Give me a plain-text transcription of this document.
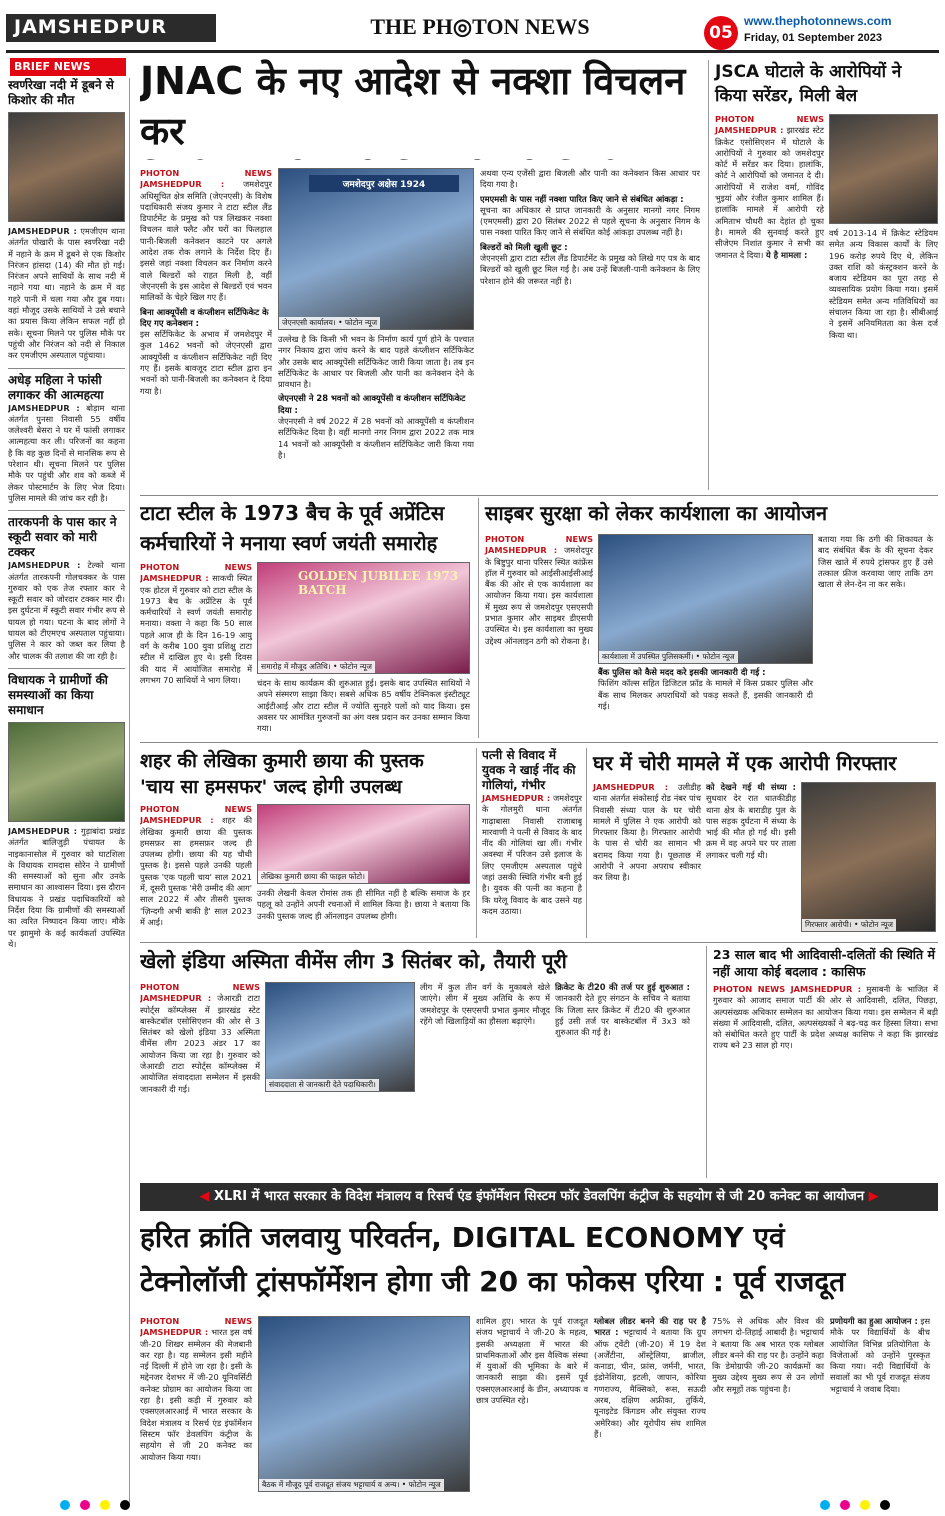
JAMSHEDPUR	THE PH◎TON NEWS	05
www.thephotonnews.com
Friday, 01 September 2023
BRIEF NEWS
स्वर्णरेखा नदी में डूबने से किशोर की मौत
JAMSHEDPUR : एमजीएम थाना अंतर्गत पोखारी के पास स्वर्णरेखा नदी में नहाने के क्रम में डूबने से एक किशोर निरंजन हांसदा (14) की मौत हो गई। निरंजन अपने साथियों के साथ नदी में नहाने गया था। नहाने के क्रम में वह गहरे पानी में चला गया और डूब गया। वहां मौजूद उसके साथियों ने उसे बचाने का प्रयास किया लेकिन सफल नहीं हो सके। सूचना मिलने पर पुलिस मौके पर पहुंची और निरंजन को नदी से निकाल कर एमजीएम अस्पताल पहुंचाया।
अधेड़ महिला ने फांसी लगाकर की आत्महत्या
JAMSHEDPUR : बोड़ाम थाना अंतर्गत पुनसा निवासी 55 वर्षीय जलेश्वरी बेसरा ने घर में फांसी लगाकर आत्महत्या कर ली। परिजनों का कहना है कि वह कुछ दिनों से मानसिक रूप से परेशान थी। सूचना मिलने पर पुलिस मौके पर पहुंची और शव को कब्जे में लेकर पोस्टमार्टम के लिए भेज दिया। पुलिस मामले की जांच कर रही है।
तारकपनी के पास कार ने स्कूटी सवार को मारी टक्कर
JAMSHEDPUR : टेल्को थाना अंतर्गत तारकपनी गोलचक्कर के पास गुरुवार को एक तेज रफ्तार कार ने स्कूटी सवार को जोरदार टक्कर मार दी। इस दुर्घटना में स्कूटी सवार गंभीर रूप से घायल हो गया। घटना के बाद लोगों ने घायल को टीएमएच अस्पताल पहुंचाया। पुलिस ने कार को जब्त कर लिया है और चालक की तलाश की जा रही है।
विधायक ने ग्रामीणों की समस्याओं का किया समाधान
JAMSHEDPUR : गुड़ाबांदा प्रखंड अंतर्गत बालिजुड़ी पंचायत के नाइकानासोल में गुरुवार को घाटशिला के विधायक रामदास सोरेन ने ग्रामीणों की समस्याओं को सुना और उनके समाधान का आश्वासन दिया। इस दौरान विधायक ने प्रखंड पदाधिकारियों को निर्देश दिया कि ग्रामीणों की समस्याओं का त्वरित निष्पादन किया जाए। मौके पर झामुमो के कई कार्यकर्ता उपस्थित थे।
JNAC के नए आदेश से नक्शा विचलन कर
PHOTON NEWS JAMSHEDPUR : जमशेदपुर अधिसूचित क्षेत्र समिति (जेएनएसी) के विशेष पदाधिकारी संजय कुमार ने टाटा स्टील लैंड डिपार्टमेंट के प्रमुख को पत्र लिखकर नक्शा विचलन वाले फ्लैट और घरों का फिलहाल पानी-बिजली कनेक्शन काटने पर अगले आदेश तक रोक लगाने के निर्देश दिए हैं। इससे जहां नक्शा विचलन कर निर्माण करने वाले बिल्डरों को राहत मिली है, वहीं जेएनएसी के इस आदेश से बिल्डरों एवं भवन मालिकों के चेहरे खिल गए हैं।
बिना आक्यूपेंसी व कंप्लीशन सर्टिफिकेट के दिए गए कनेक्शन :
इस सर्टिफिकेट के अभाव में जमशेदपुर में कुल 1462 भवनों को जेएनएसी द्वारा आक्यूपेंसी व कंप्लीशन सर्टिफिकेट नहीं दिए गए हैं। इसके बावजूद टाटा स्टील द्वारा इन भवनों को पानी-बिजली का कनेक्शन दे दिया गया है।
जमशेदपुर अक्षेस 1924
जेएनएसी कार्यालय। • फोटोन न्यूज
उल्लेख है कि किसी भी भवन के निर्माण कार्य पूर्ण होने के पश्चात नगर निकाय द्वारा जांच करने के बाद पहले कंप्लीशन सर्टिफिकेट और उसके बाद आक्यूपेंसी सर्टिफिकेट जारी किया जाता है। तब इन सर्टिफिकेट के आधार पर बिजली और पानी का कनेक्शन देने के प्रावधान है।
जेएनएसी ने 28 भवनों को आक्यूपेंसी व कंप्लीशन सर्टिफिकेट दिया :
जेएनएसी ने वर्ष 2022 में 28 भवनों को आक्यूपेंसी व कंप्लीशन सर्टिफिकेट दिया है। वहीं मानगो नगर निगम द्वारा 2022 तक मात्र 14 भवनों को आक्यूपेंसी व कंप्लीशन सर्टिफिकेट जारी किया गया है।
अथवा एन्य एजेंसी द्वारा बिजली और पानी का कनेक्शन किस आधार पर दिया गया है।
एमएमसी के पास नहीं नक्शा पारित किए जाने से संबंधित आंकड़ा :
सूचना का अधिकार से प्राप्त जानकारी के अनुसार मानगो नगर निगम (एमएमसी) द्वारा 20 सितंबर 2022 से पहले सूचना के अनुसार निगम के पास नक्शा पारित किए जाने से संबंधित कोई आंकड़ा उपलब्ध नहीं है।
बिल्डरों को मिली खुली छूट :
जेएनएसी द्वारा टाटा स्टील लैंड डिपार्टमेंट के प्रमुख को लिखे गए पत्र के बाद बिल्डरों को खुली छूट मिल गई है। अब उन्हें बिजली-पानी कनेक्शन के लिए परेशान होने की जरूरत नहीं है।
JSCA घोटाले के आरोपियों ने किया सरेंडर, मिली बेल
PHOTON NEWS JAMSHEDPUR : झारखंड स्टेट क्रिकेट एसोसिएशन में घोटाले के आरोपियों ने गुरुवार को जमशेदपुर कोर्ट में सरेंडर कर दिया। हालांकि, कोर्ट ने आरोपियों को जमानत दे दी। आरोपियों में राजेश वर्मा, गोविंद भुइयां और रंजीत कुमार शामिल हैं। हालांकि मामले में आरोपी रहे अमिताभ चौधरी का देहांत हो चुका है। मामले की सुनवाई करते हुए सीजेएम निशांत कुमार ने सभी का जमानत दे दिया। ये है मामला :
वर्ष 2013-14 में क्रिकेट स्टेडियम समेत अन्य विकास कार्यों के लिए 196 करोड़ रुपये दिए थे, लेकिन उक्त राशि को कंस्ट्रक्शन करने के बजाय स्टेडियम का पूरा तरह से व्यवसायिक प्रयोग किया गया। इसमें स्टेडियम समेत अन्य गतिविधियों का संचालन किया जा रहा है। सीबीआई ने इसमें अनियमितता का केस दर्ज किया था।
टाटा स्टील के 1973 बैच के पूर्व अप्रेंटिस
कर्मचारियों ने मनाया स्वर्ण जयंती समारोह
PHOTON NEWS JAMSHEDPUR : साकची स्थित एक होटल में गुरुवार को टाटा स्टील के 1973 बैच के अप्रेंटिस के पूर्व कर्मचारियों ने स्वर्ण जयंती समारोह मनाया। वक्ता ने कहा कि 50 साल पहले आज ही के दिन 16-19 आयु वर्ग के करीब 100 युवा प्रशिक्षु टाटा स्टील में दाखिल हुए थे। इसी दिवस की याद में आयोजित समारोह में लगभग 70 साथियों ने भाग लिया।
GOLDEN JUBILEE 1973 BATCH
समारोह में मौजूद अतिथि। • फोटोन न्यूज
चंदन के साथ कार्यक्रम की शुरुआत हुई। इसके बाद उपस्थित साथियों ने अपने संस्मरण साझा किए। सबसे अधिक 85 वर्षीय टेक्निकल इंस्टीट्यूट आईटीआई और टाटा स्टील में ज्योति सुनहरे पलों को याद किया। इस अवसर पर आमंत्रित गुरुजनों का अंग वस्त्र प्रदान कर उनका सम्मान किया गया।
साइबर सुरक्षा को लेकर कार्यशाला का आयोजन
PHOTON NEWS JAMSHEDPUR : जमशेदपुर के बिष्टुपुर थाना परिसर स्थित कांफ्रेंस हॉल में गुरुवार को आईसीआईसीआई बैंक की ओर से एक कार्यशाला का आयोजन किया गया। इस कार्यशाला में मुख्य रूप से जमशेदपुर एसएसपी प्रभात कुमार और साइबर डीएसपी उपस्थित थे। इस कार्यशाला का मुख्य उद्देश्य ऑनलाइन ठगी को रोकना है।
कार्यशाला में उपस्थित पुलिसकर्मी। • फोटोन न्यूज
बैंक पुलिस को कैसे मदद करे इसकी जानकारी दी गई :
फिशिंग कॉल्स सहित डिजिटल फ्रॉड के मामले में किस प्रकार पुलिस और बैंक साथ मिलकर अपराधियों को पकड़ सकते हैं, इसकी जानकारी दी गई।
बताया गया कि ठगी की शिकायत के बाद संबंधित बैंक के की सूचना देकर जिस खाते में रुपये ट्रांसफर हुए हैं उसे तत्काल फ्रीज करवाया जाए ताकि ठग खाता से लेन-देन ना कर सके।
शहर की लेखिका कुमारी छाया की पुस्तक
'चाय सा हमसफर' जल्द होगी उपलब्ध
PHOTON NEWS JAMSHEDPUR : शहर की लेखिका कुमारी छाया की पुस्तक हमसफ़र सा हमसफ़र जल्द ही उपलब्ध होगी। छाया की यह चौथी पुस्तक है। इससे पहले उनकी पहली पुस्तक 'एक पहली चाय' साल 2021 में, दूसरी पुस्तक 'मेरी उम्मीद की आग' साल 2022 में और तीसरी पुस्तक 'ज़िन्दगी अभी बाकी है' साल 2023 में आई।
लेखिका कुमारी छाया की फाइल फोटो।
उनकी लेखनी केवल रोमांस तक ही सीमित नहीं है बल्कि समाज के हर पहलू को उन्होंने अपनी रचनाओं में शामिल किया है। छाया ने बताया कि उनकी पुस्तक जल्द ही ऑनलाइन उपलब्ध होगी।
पत्नी से विवाद में युवक ने खाई नींद की गोलियां, गंभीर
JAMSHEDPUR : जमशेदपुर के गोलमुरी थाना अंतर्गत गाढ़ाबासा निवासी राजाबाबू मारवाणी ने पत्नी से विवाद के बाद नींद की गोलियां खा लीं। गंभीर अवस्था में परिजन उसे इलाज के लिए एमजीएम अस्पताल पहुंचे जहां उसकी स्थिति गंभीर बनी हुई है। युवक की पत्नी का कहना है कि घरेलू विवाद के बाद उसने यह कदम उठाया।
घर में चोरी मामले में एक आरोपी गिरफ्तार
JAMSHEDPUR : उलीडीह थाना अंतर्गत संकोसाई रोड नंबर पांच निवासी संध्या पाल के घर चोरी मामले में पुलिस ने एक आरोपी को गिरफ्तार किया है। गिरफ्तार आरोपी के पास से चोरी का सामान भी बरामद किया गया है। पूछताछ में आरोपी ने अपना अपराध स्वीकार कर लिया है।
को देखने गई थी संध्या : सुधवार देर रात धातकीडीह थाना क्षेत्र के बाराडीह पुल के पास सड़क दुर्घटना में संध्या के भाई की मौत हो गई थी। इसी क्रम में वह अपने घर पर ताला लगाकर चली गई थी।
गिरफ्तार आरोपी। • फोटोन न्यूज
खेलो इंडिया अस्मिता वीमेंस लीग 3 सितंबर को, तैयारी पूरी
PHOTON NEWS JAMSHEDPUR : जेआरडी टाटा स्पोर्ट्स कॉम्प्लेक्स में झारखंड स्टेट बास्केटबॉल एसोसिएशन की ओर से 3 सितंबर को खेलो इंडिया 33 अस्मिता वीमेंस लीग 2023 अंडर 17 का आयोजन किया जा रहा है। गुरुवार को जेआरडी टाटा स्पोर्ट्स कॉम्प्लेक्स में आयोजित संवाददाता सम्मेलन में इसकी जानकारी दी गई।	संवाददाता से जानकारी देते पदाधिकारी।
लीग में कुल तीन वर्ग के मुकाबले खेले जाएंगे। लीग में मुख्य अतिथि के रूप में जमशेदपुर के एसएसपी प्रभात कुमार मौजूद रहेंगे जो खिलाड़ियों का हौसला बढ़ाएंगे।
क्रिकेट के टी20 की तर्ज पर हुई शुरुआत : जानकारी देते हुए संगठन के सचिव ने बताया कि जिला स्तर क्रिकेट में टी20 की शुरुआत हुई उसी तर्ज पर बास्केटबॉल में 3x3 को शुरुआत की गई है।
23 साल बाद भी आदिवासी-दलितों की स्थिति में नहीं आया कोई बदलाव : कासिफ
PHOTON NEWS JAMSHEDPUR : मुसाबनी के भाजित में गुरुवार को आजाद समाज पार्टी की ओर से आदिवासी, दलित, पिछड़ा, अल्पसंख्यक अधिकार सम्मेलन का आयोजन किया गया। इस सम्मेलन में बड़ी संख्या में आदिवासी, दलित, अल्पसंख्यकों ने बढ़-चढ़ कर हिस्सा लिया। सभा को संबोधित करते हुए पार्टी के प्रदेश अध्यक्ष कासिफ ने कहा कि झारखंड राज्य बने 23 साल हो गए।
◀ XLRI में भारत सरकार के विदेश मंत्रालय व रिसर्च एंड इंफॉर्मेशन सिस्टम फॉर डेवलपिंग कंट्रीज के सहयोग से जी 20 कनेक्ट का आयोजन ▶
हरित क्रांति जलवायु परिवर्तन, DIGITAL ECONOMY एवं
टेक्नोलॉजी ट्रांसफॉर्मेशन होगा जी 20 का फोकस एरिया : पूर्व राजदूत
PHOTON NEWS JAMSHEDPUR : भारत इस वर्ष जी-20 शिखर सम्मेलन की मेजबानी कर रहा है। यह सम्मेलन इसी महीने नई दिल्ली में होने जा रहा है। इसी के मद्देनजर देशभर में जी-20 यूनिवर्सिटी कनेक्ट प्रोग्राम का आयोजन किया जा रहा है। इसी कड़ी में गुरुवार को एक्सएलआरआई में भारत सरकार के विदेश मंत्रालय व रिसर्च एंड इंफॉर्मेशन सिस्टम फॉर डेवलपिंग कंट्रीज के सहयोग से जी 20 कनेक्ट का आयोजन किया गया।
बैठक में मौजूद पूर्व राजदूत संजय भट्टाचार्य व अन्य। • फोटोन न्यूज
शामिल हुए। भारत के पूर्व राजदूत संजय भट्टाचार्य ने जी-20 के महत्व, इसकी अध्यक्षता में भारत की प्राथमिकताओं और इस वैश्विक संस्था में युवाओं की भूमिका के बारे में जानकारी साझा की। इसमें पूर्व एक्सएलआरआई के डीन, अध्यापक व छात्र उपस्थित रहे।
ग्लोबल लीडर बनने की राह पर है भारत : भट्टाचार्य ने बताया कि ग्रुप ऑफ ट्वेंटी (जी-20) में 19 देश (अर्जेंटीना, ऑस्ट्रेलिया, ब्राजील, कनाडा, चीन, फ्रांस, जर्मनी, भारत, इंडोनेशिया, इटली, जापान, कोरिया गणराज्य, मैक्सिको, रूस, सऊदी अरब, दक्षिण अफ्रीका, तुर्किये, यूनाइटेड किंगडम और संयुक्त राज्य अमेरिका) और यूरोपीय संघ शामिल हैं।
75% से अधिक और विश्व की लगभग दो-तिहाई आबादी है। भट्टाचार्य ने बताया कि अब भारत एक ग्लोबल लीडर बनने की राह पर है। उन्होंने कहा कि डेमोग्राफी जी-20 कार्यक्रमों का मुख्य उद्देश्य मुख्य रूप से उन लोगों और समूहों तक पहुंचना है।
प्रणोयगी का हुआ आयोजन : इस मौके पर विद्यार्थियों के बीच आयोजित विभिन्न प्रतियोगिता के विजेताओं को उन्होंने पुरस्कृत किया गया। नदी विद्यार्थियों के सवालों का भी पूर्व राजदूत संजय भट्टाचार्य ने जवाब दिया।
